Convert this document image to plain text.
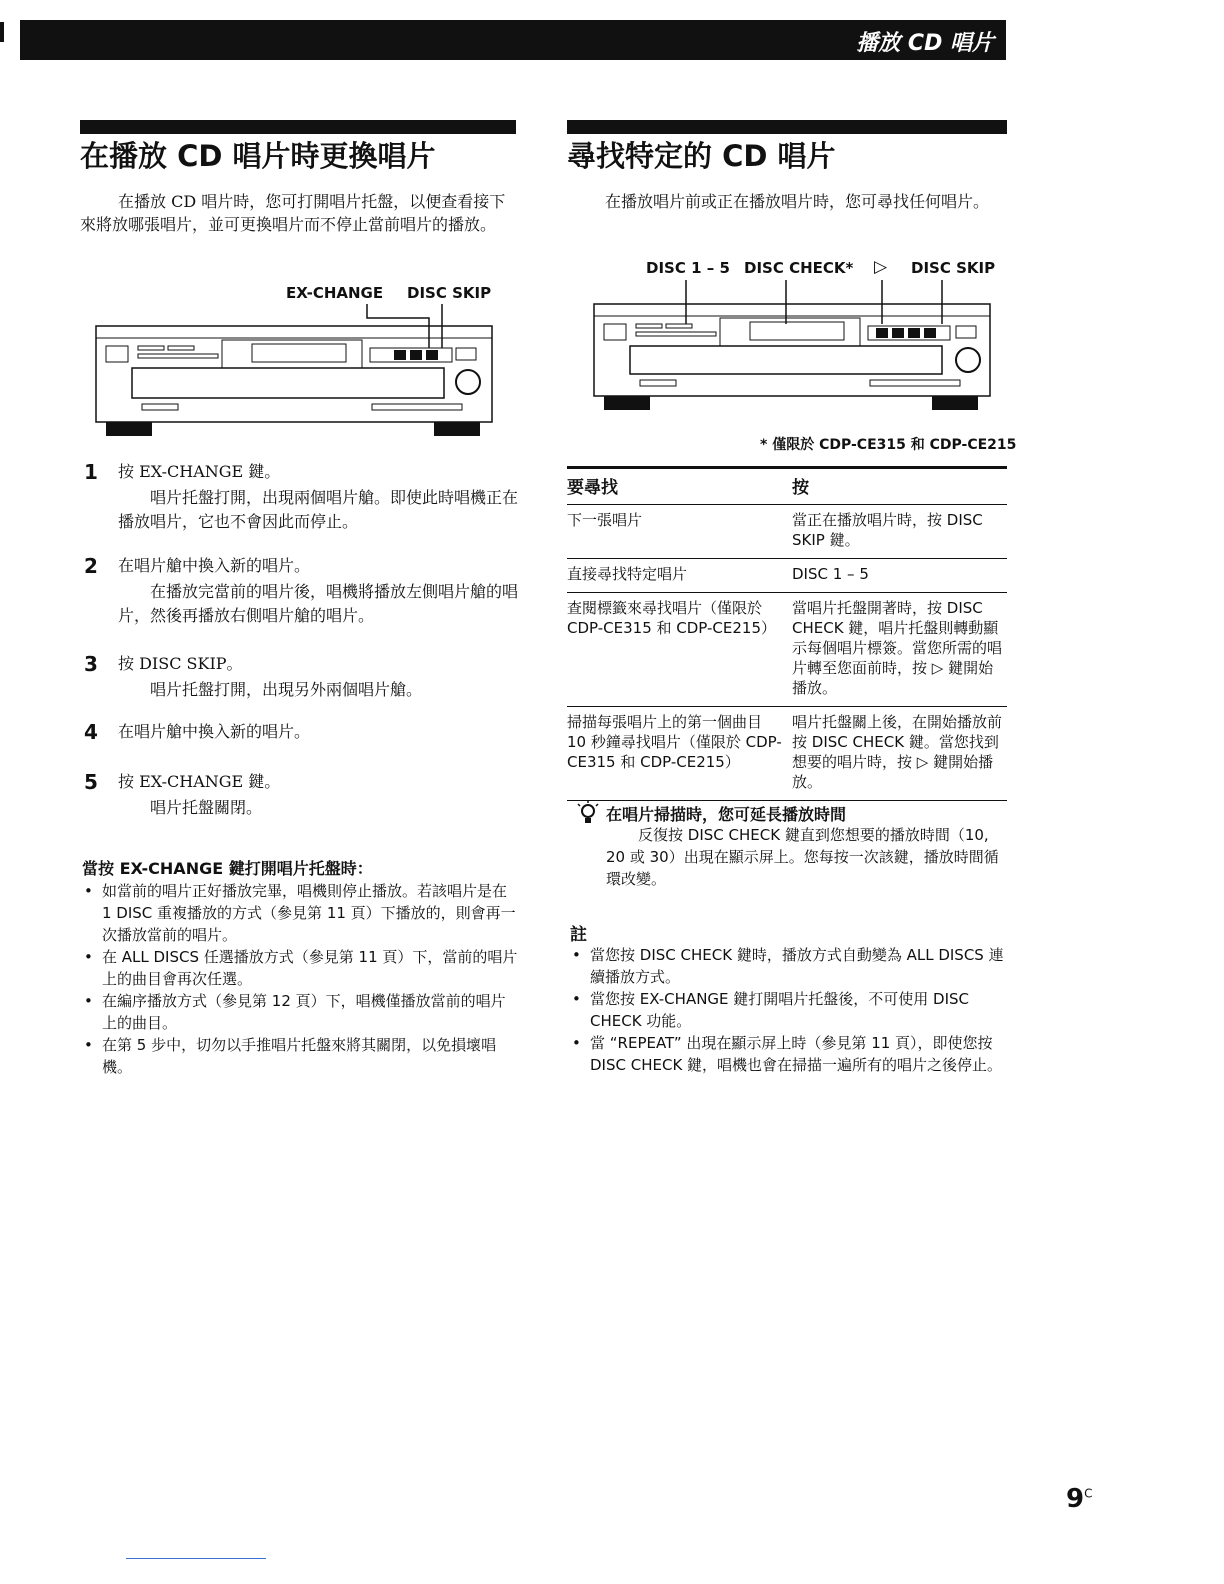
播放 CD 唱片
在播放 CD 唱片時更換唱片
在播放 CD 唱片時，您可打開唱片托盤，以便查看接下來將放哪張唱片，並可更換唱片而不停止當前唱片的播放。
EX-CHANGE DISC SKIP
1 按 EX-CHANGE 鍵。
唱片托盤打開，出現兩個唱片艙。即使此時唱機正在播放唱片，它也不會因此而停止。
2 在唱片艙中換入新的唱片。
在播放完當前的唱片後，唱機將播放左側唱片艙的唱片，然後再播放右側唱片艙的唱片。
3 按 DISC SKIP。
唱片托盤打開，出現另外兩個唱片艙。
4 在唱片艙中換入新的唱片。
5 按 EX-CHANGE 鍵。
唱片托盤關閉。
當按 EX-CHANGE 鍵打開唱片托盤時：
• 如當前的唱片正好播放完畢，唱機則停止播放。若該唱片是在 1 DISC 重複播放的方式（參見第 11 頁）下播放的，則會再一次播放當前的唱片。
• 在 ALL DISCS 任選播放方式（參見第 11 頁）下，當前的唱片上的曲目會再次任選。
• 在編序播放方式（參見第 12 頁）下，唱機僅播放當前的唱片上的曲目。
• 在第 5 步中，切勿以手推唱片托盤來將其關閉，以免損壞唱機。
尋找特定的 CD 唱片
在播放唱片前或正在播放唱片時，您可尋找任何唱片。
DISC 1 – 5 DISC CHECK* ▷ DISC SKIP
* 僅限於 CDP-CE315 和 CDP-CE215
要尋找	按
下一張唱片	當正在播放唱片時，按 DISC SKIP 鍵。
直接尋找特定唱片	DISC 1 – 5
查閱標籤來尋找唱片（僅限於 CDP-CE315 和 CDP-CE215）	當唱片托盤開著時，按 DISC CHECK 鍵，唱片托盤則轉動顯示每個唱片標簽。當您所需的唱片轉至您面前時，按 ▷ 鍵開始播放。
掃描每張唱片上的第一個曲目 10 秒鐘尋找唱片（僅限於 CDP-CE315 和 CDP-CE215）	唱片托盤關上後，在開始播放前按 DISC CHECK 鍵。當您找到想要的唱片時，按 ▷ 鍵開始播放。
在唱片掃描時，您可延長播放時間
反復按 DISC CHECK 鍵直到您想要的播放時間（10, 20 或 30）出現在顯示屏上。您每按一次該鍵，播放時間循環改變。
註
• 當您按 DISC CHECK 鍵時，播放方式自動變為 ALL DISCS 連續播放方式。
• 當您按 EX-CHANGE 鍵打開唱片托盤後，不可使用 DISC CHECK 功能。
• 當 “REPEAT” 出現在顯示屏上時（參見第 11 頁），即使您按 DISC CHECK 鍵，唱機也會在掃描一遍所有的唱片之後停止。
$9^C$
